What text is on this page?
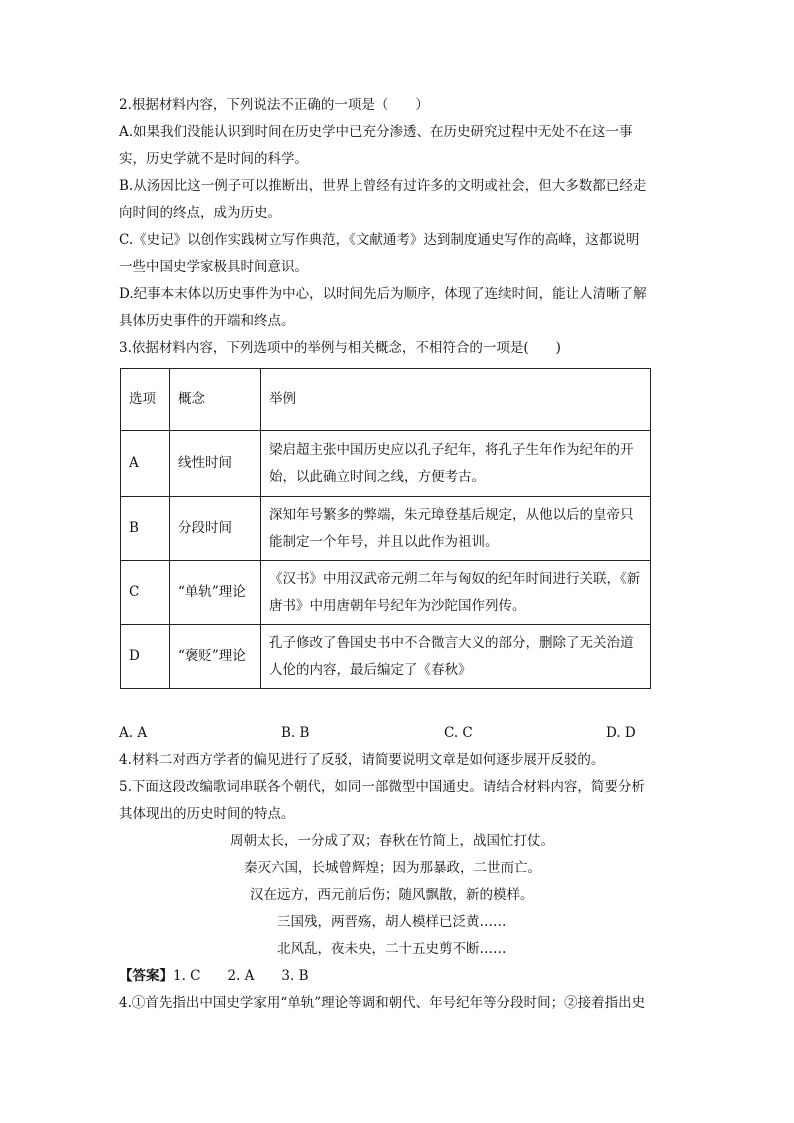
2.根据材料内容，下列说法不正确的一项是（　　）
A.如果我们没能认识到时间在历史学中已充分渗透、在历史研究过程中无处不在这一事
实，历史学就不是时间的科学。
B.从汤因比这一例子可以推断出，世界上曾经有过许多的文明或社会，但大多数都已经走
向时间的终点，成为历史。
C.《史记》以创作实践树立写作典范，《文献通考》达到制度通史写作的高峰，这都说明
一些中国史学家极具时间意识。
D.纪事本末体以历史事件为中心，以时间先后为顺序，体现了连续时间，能让人清晰了解
具体历史事件的开端和终点。
3.依据材料内容，下列选项中的举例与相关概念，不相符合的一项是(　　)
选项	概念	举例
A	线性时间	梁启超主张中国历史应以孔子纪年，将孔子生年作为纪年的开始，以此确立时间之线，方便考古。
B	分段时间	深知年号繁多的弊端，朱元璋登基后规定，从他以后的皇帝只能制定一个年号，并且以此作为祖训。
C	“单轨”理论	《汉书》中用汉武帝元朔二年与匈奴的纪年时间进行关联，《新唐书》中用唐朝年号纪年为沙陀国作列传。
D	“褒贬”理论	孔子修改了鲁国史书中不合微言大义的部分，删除了无关治道人伦的内容，最后编定了《春秋》
A. A	B. B	C. C	D. D
4.材料二对西方学者的偏见进行了反驳，请简要说明文章是如何逐步展开反驳的。
5.下面这段改编歌词串联各个朝代，如同一部微型中国通史。请结合材料内容，简要分析
其体现出的历史时间的特点。
周朝太长，一分成了双；春秋在竹简上，战国忙打仗。
秦灭六国，长城曾辉煌；因为那暴政，二世而亡。
汉在远方，西元前后伤；随风飘散，新的模样。
三国残，两晋殇，胡人模样已泛黄……
北风乱，夜未央，二十五史剪不断……
【答案】1. C　　2. A　　3. B
4.①首先指出中国史学家用“单轨”理论等调和朝代、年号纪年等分段时间；②接着指出史
